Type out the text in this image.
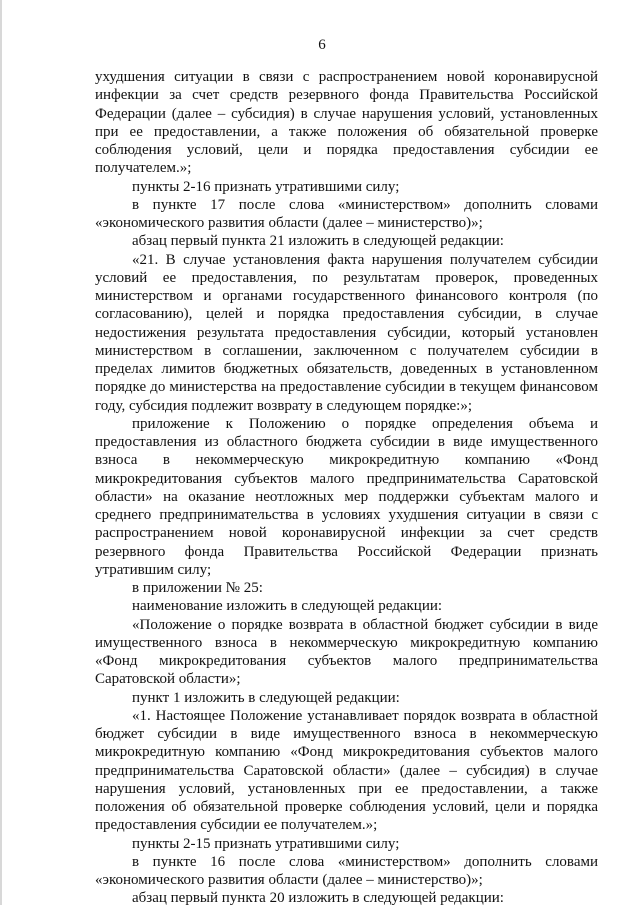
6

ухудшения ситуации в связи с распространением новой коронавирусной инфекции за счет средств резервного фонда Правительства Российской Федерации (далее – субсидия) в случае нарушения условий, установленных при ее предоставлении, а также положения об обязательной проверке соблюдения условий, цели и порядка предоставления субсидии ее получателем.»;

пункты 2-16 признать утратившими силу;

в пункте 17 после слова «министерством» дополнить словами «экономического развития области (далее – министерство)»;

абзац первый пункта 21 изложить в следующей редакции:

«21. В случае установления факта нарушения получателем субсидии условий ее предоставления, по результатам проверок, проведенных министерством и органами государственного финансового контроля (по согласованию), целей и порядка предоставления субсидии, в случае недостижения результата предоставления субсидии, который установлен министерством в соглашении, заключенном с получателем субсидии в пределах лимитов бюджетных обязательств, доведенных в установленном порядке до министерства на предоставление субсидии в текущем финансовом году, субсидия подлежит возврату в следующем порядке:»;

приложение к Положению о порядке определения объема и предоставления из областного бюджета субсидии в виде имущественного взноса в некоммерческую микрокредитную компанию «Фонд микрокредитования субъектов малого предпринимательства Саратовской области» на оказание неотложных мер поддержки субъектам малого и среднего предпринимательства в условиях ухудшения ситуации в связи с распространением новой коронавирусной инфекции за счет средств резервного фонда Правительства Российской Федерации признать утратившим силу;

в приложении № 25:

наименование изложить в следующей редакции:

«Положение о порядке возврата в областной бюджет субсидии в виде имущественного взноса в некоммерческую микрокредитную компанию «Фонд микрокредитования субъектов малого предпринимательства Саратовской области»;

пункт 1 изложить в следующей редакции:

«1. Настоящее Положение устанавливает порядок возврата в областной бюджет субсидии в виде имущественного взноса в некоммерческую микрокредитную компанию «Фонд микрокредитования субъектов малого предпринимательства Саратовской области» (далее – субсидия) в случае нарушения условий, установленных при ее предоставлении, а также положения об обязательной проверке соблюдения условий, цели и порядка предоставления субсидии ее получателем.»;

пункты 2-15 признать утратившими силу;

в пункте 16 после слова «министерством» дополнить словами «экономического развития области (далее – министерство)»;

абзац первый пункта 20 изложить в следующей редакции:
